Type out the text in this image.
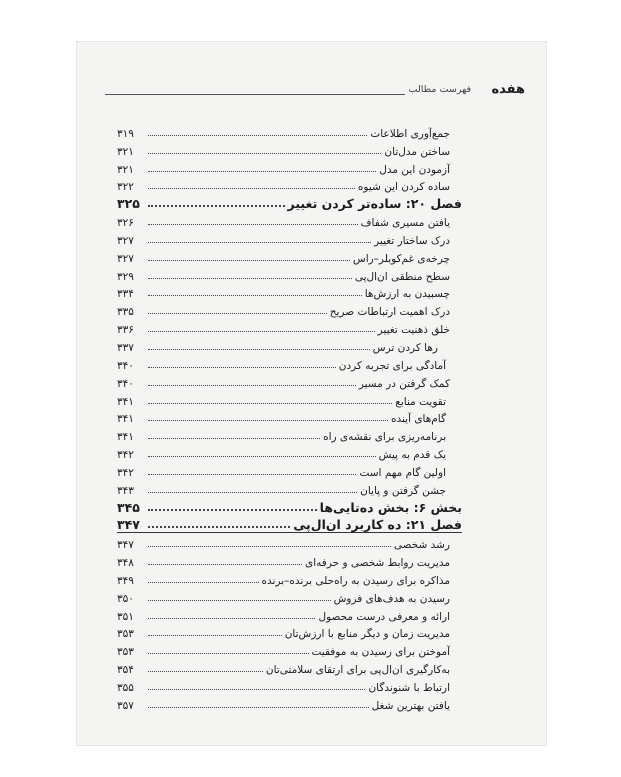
هفده
فهرست مطالب
جمع‌آوری اطلاعات
۳۱۹
ساختن مدل‌تان
۳۲۱
آزمودن این مدل
۳۲۱
ساده کردن این شیوه
۳۲۲
فصل ۲۰: ساده‌تر کردن تغییر
۳۲۵
یافتن مسیری شفاف
۳۲۶
درک ساختار تغییر
۳۲۷
چرخه‌ی غم‌کوبلر–راس
۳۲۷
سطح منطقی ان‌ال‌پی
۳۲۹
چسبیدن به ارزش‌ها
۳۳۴
درک اهمیت ارتباطات صریح
۳۳۵
خلق ذهنیت تغییر
۳۳۶
رها کردن ترس
۳۳۷
آمادگی برای تجربه کردن
۳۴۰
کمک گرفتن در مسیر
۳۴۰
تقویت منابع
۳۴۱
گام‌های آینده
۳۴۱
برنامه‌ریزی برای نقشه‌ی راه
۳۴۱
یک قدم به پیش
۳۴۲
اولین گام مهم است
۳۴۲
جشن گرفتن و پایان
۳۴۳
بخش ۶: بخش ده‌تایی‌ها
۳۴۵
فصل ۲۱: ده کاربرد ان‌ال‌پی
۳۴۷
رشد شخصی
۳۴۷
مدیریت روابط شخصی و حرفه‌ای
۳۴۸
مذاکره برای رسیدن به راه‌حلی برنده–برنده
۳۴۹
رسیدن به هدف‌های فروش
۳۵۰
ارائه و معرفی درست محصول
۳۵۱
مدیریت زمان و دیگر منابع با ارزش‌تان
۳۵۳
آموختن برای رسیدن به موفقیت
۳۵۳
به‌کارگیری ان‌ال‌پی برای ارتقای سلامتی‌تان
۳۵۴
ارتباط با شنوندگان
۳۵۵
یافتن بهترین شغل
۳۵۷
